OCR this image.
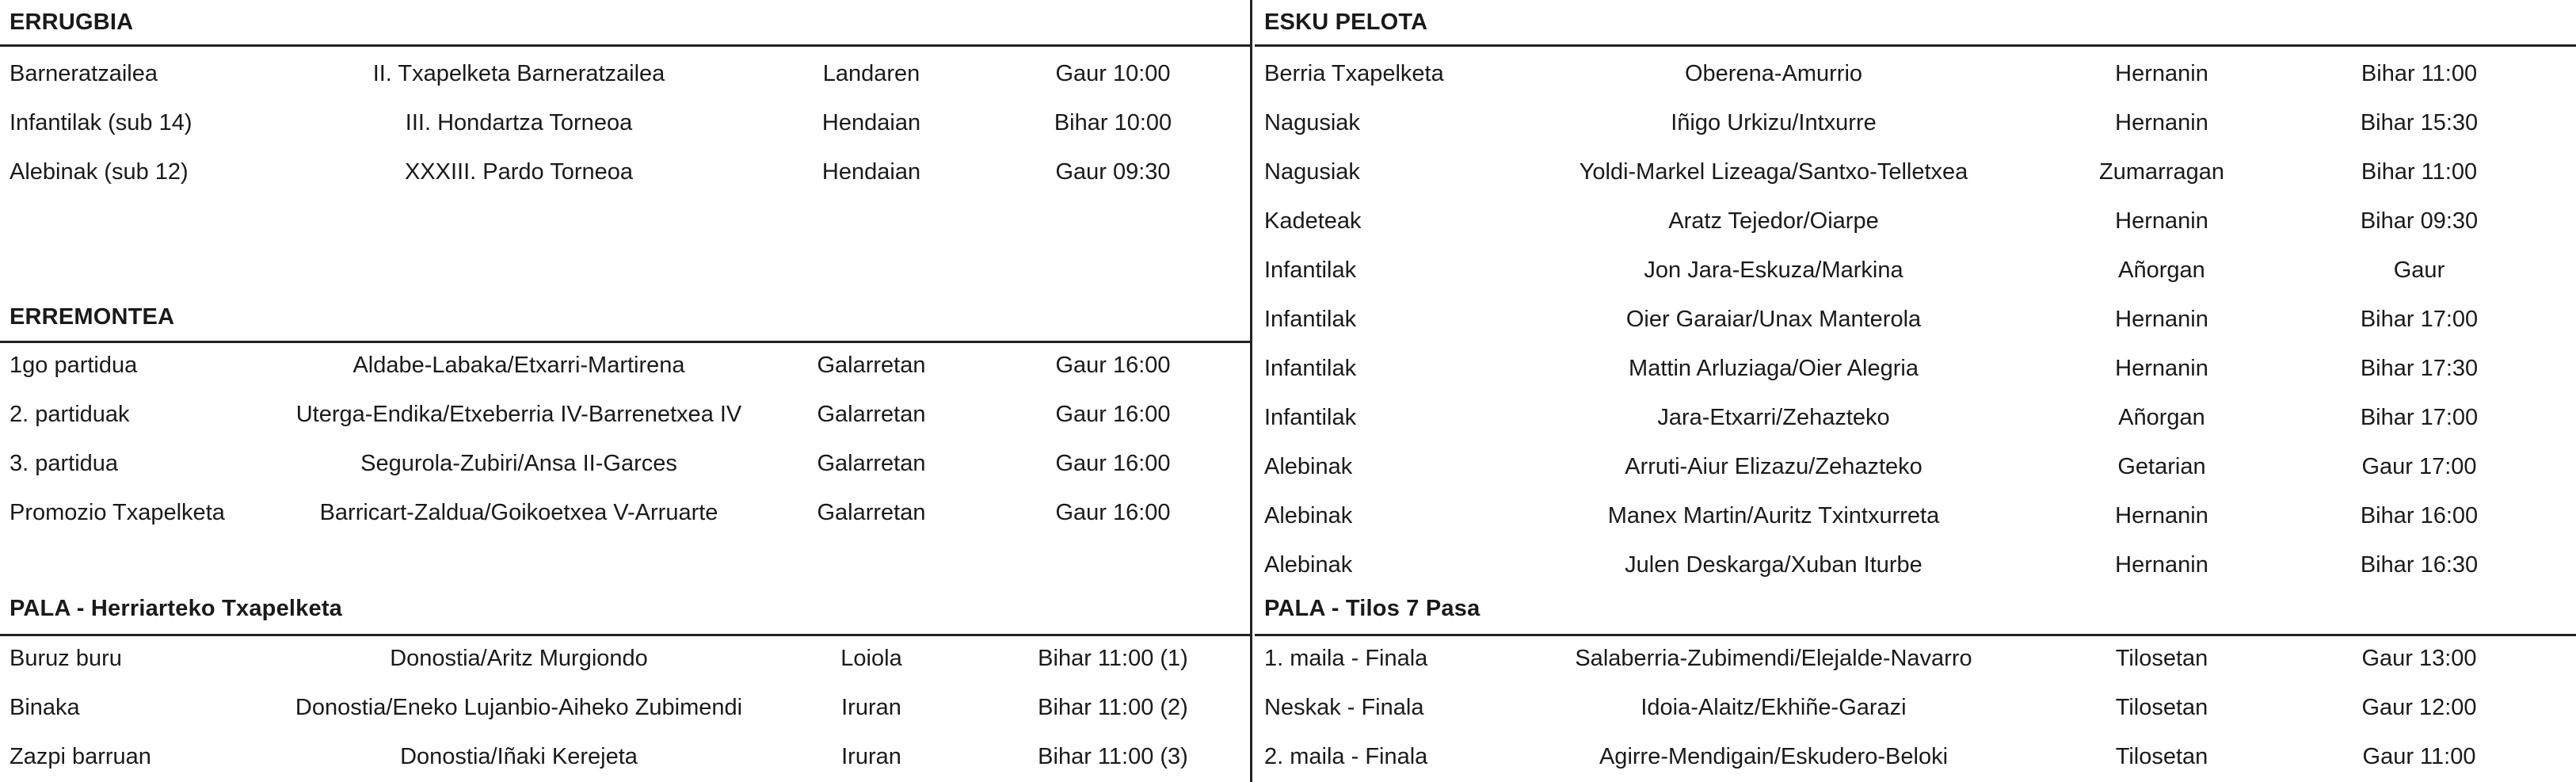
ERRUGBIA
Barneratzailea	II. Txapelketa Barneratzailea	Landaren	Gaur 10:00
Infantilak (sub 14)	III. Hondartza Torneoa	Hendaian	Bihar 10:00
Alebinak (sub 12)	XXXIII. Pardo Torneoa	Hendaian	Gaur 09:30
ERREMONTEA
1go partidua	Aldabe-Labaka/Etxarri-Martirena	Galarretan	Gaur 16:00
2. partiduak	Uterga-Endika/Etxeberria IV-Barrenetxea IV	Galarretan	Gaur 16:00
3. partidua	Segurola-Zubiri/Ansa II-Garces	Galarretan	Gaur 16:00
Promozio Txapelketa	Barricart-Zaldua/Goikoetxea V-Arruarte	Galarretan	Gaur 16:00
PALA - Herriarteko Txapelketa
Buruz buru	Donostia/Aritz Murgiondo	Loiola	Bihar 11:00 (1)
Binaka	Donostia/Eneko Lujanbio-Aiheko Zubimendi	Iruran	Bihar 11:00 (2)
Zazpi barruan	Donostia/Iñaki Kerejeta	Iruran	Bihar 11:00 (3)
ESKU PELOTA
Berria Txapelketa	Oberena-Amurrio	Hernanin	Bihar 11:00
Nagusiak	Iñigo Urkizu/Intxurre	Hernanin	Bihar 15:30
Nagusiak	Yoldi-Markel Lizeaga/Santxo-Telletxea	Zumarragan	Bihar 11:00
Kadeteak	Aratz Tejedor/Oiarpe	Hernanin	Bihar 09:30
Infantilak	Jon Jara-Eskuza/Markina	Añorgan	Gaur
Infantilak	Oier Garaiar/Unax Manterola	Hernanin	Bihar 17:00
Infantilak	Mattin Arluziaga/Oier Alegria	Hernanin	Bihar 17:30
Infantilak	Jara-Etxarri/Zehazteko	Añorgan	Bihar 17:00
Alebinak	Arruti-Aiur Elizazu/Zehazteko	Getarian	Gaur 17:00
Alebinak	Manex Martin/Auritz Txintxurreta	Hernanin	Bihar 16:00
Alebinak	Julen Deskarga/Xuban Iturbe	Hernanin	Bihar 16:30
PALA - Tilos 7 Pasa
1. maila - Finala	Salaberria-Zubimendi/Elejalde-Navarro	Tilosetan	Gaur 13:00
Neskak - Finala	Idoia-Alaitz/Ekhiñe-Garazi	Tilosetan	Gaur 12:00
2. maila - Finala	Agirre-Mendigain/Eskudero-Beloki	Tilosetan	Gaur 11:00
